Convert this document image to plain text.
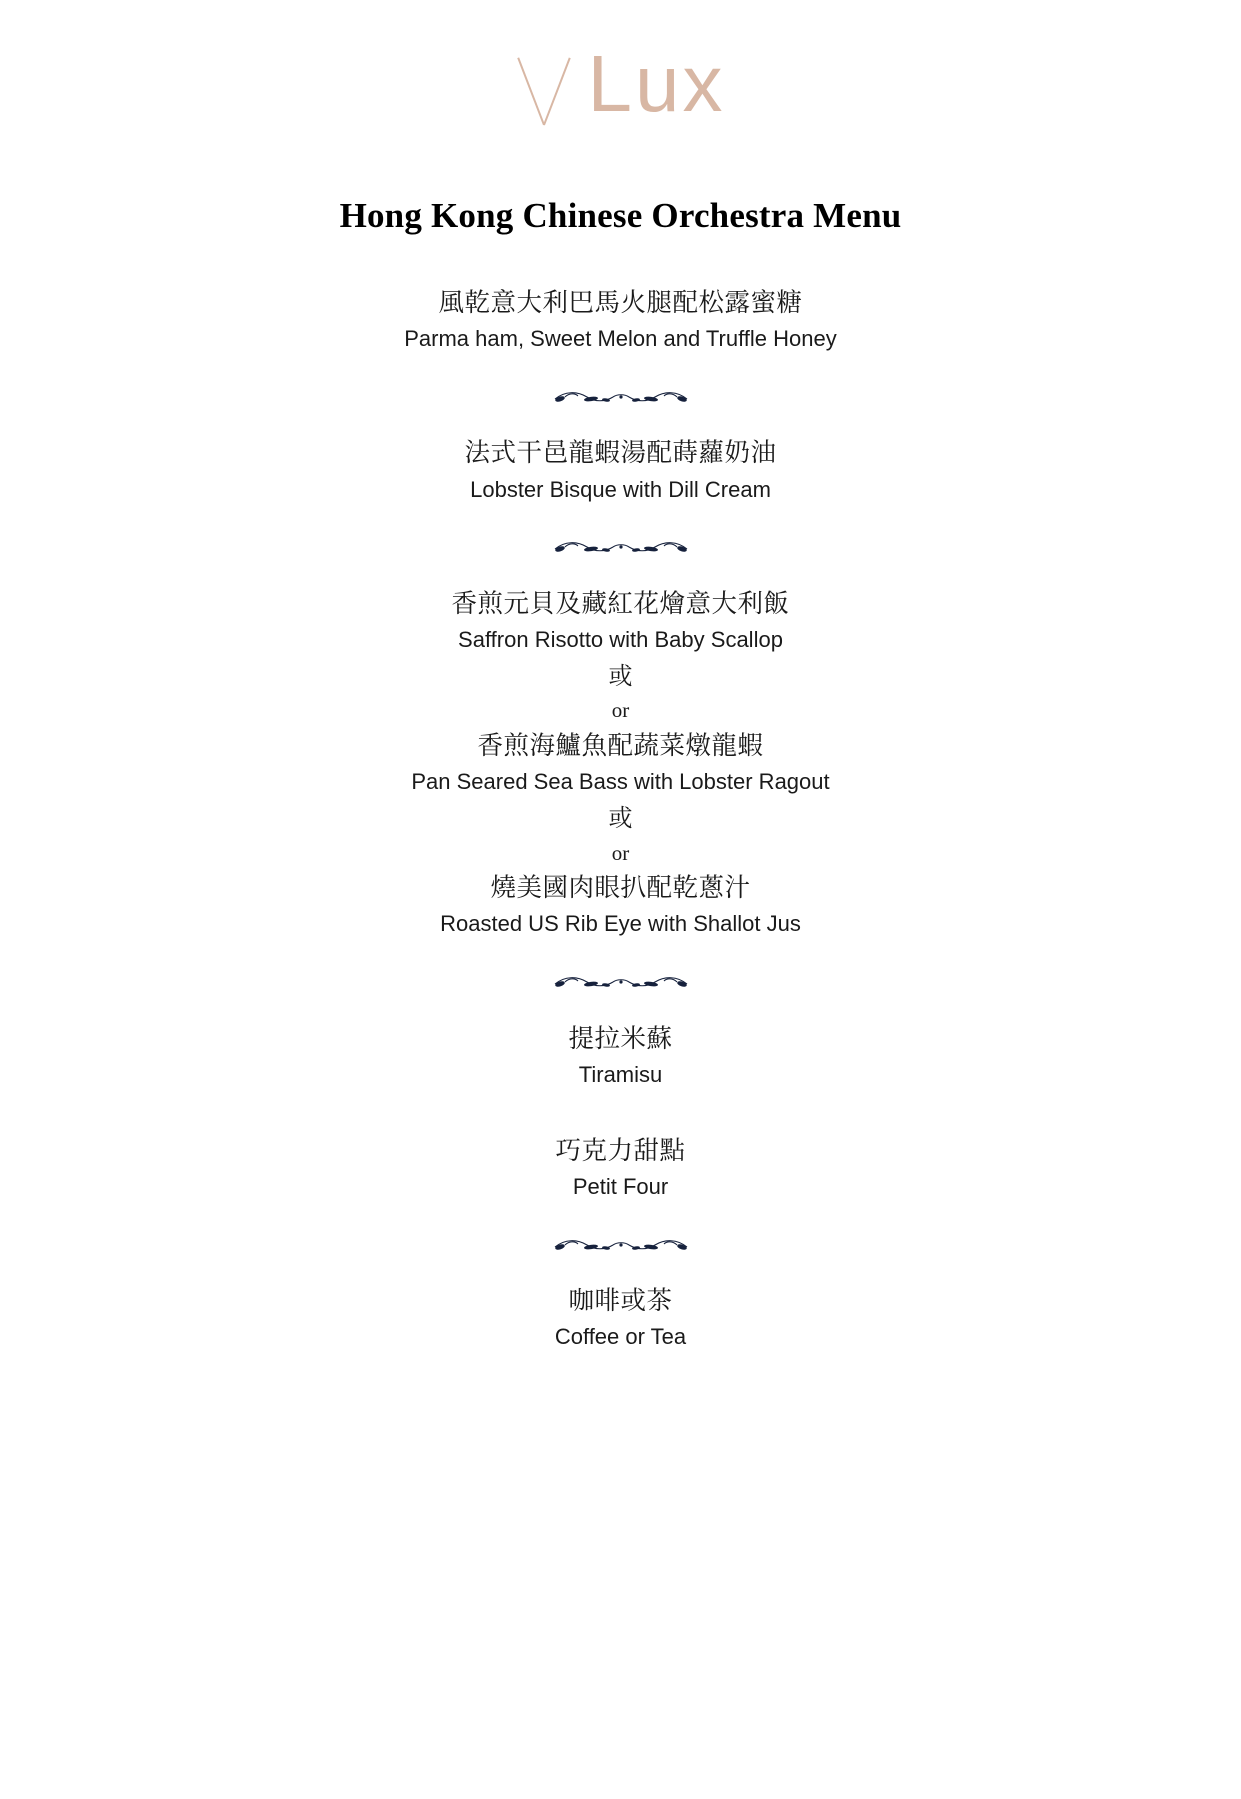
Lux
Hong Kong Chinese Orchestra Menu
風乾意大利巴馬火腿配松露蜜糖
Parma ham, Sweet Melon and Truffle Honey
法式干邑龍蝦湯配蒔蘿奶油
Lobster Bisque with Dill Cream
香煎元貝及藏紅花燴意大利飯
Saffron Risotto with Baby Scallop
或
or
香煎海鱸魚配蔬菜燉龍蝦
Pan Seared Sea Bass with Lobster Ragout
或
or
燒美國肉眼扒配乾蔥汁
Roasted US Rib Eye with Shallot Jus
提拉米蘇
Tiramisu
巧克力甜點
Petit Four
咖啡或茶
Coffee or Tea
